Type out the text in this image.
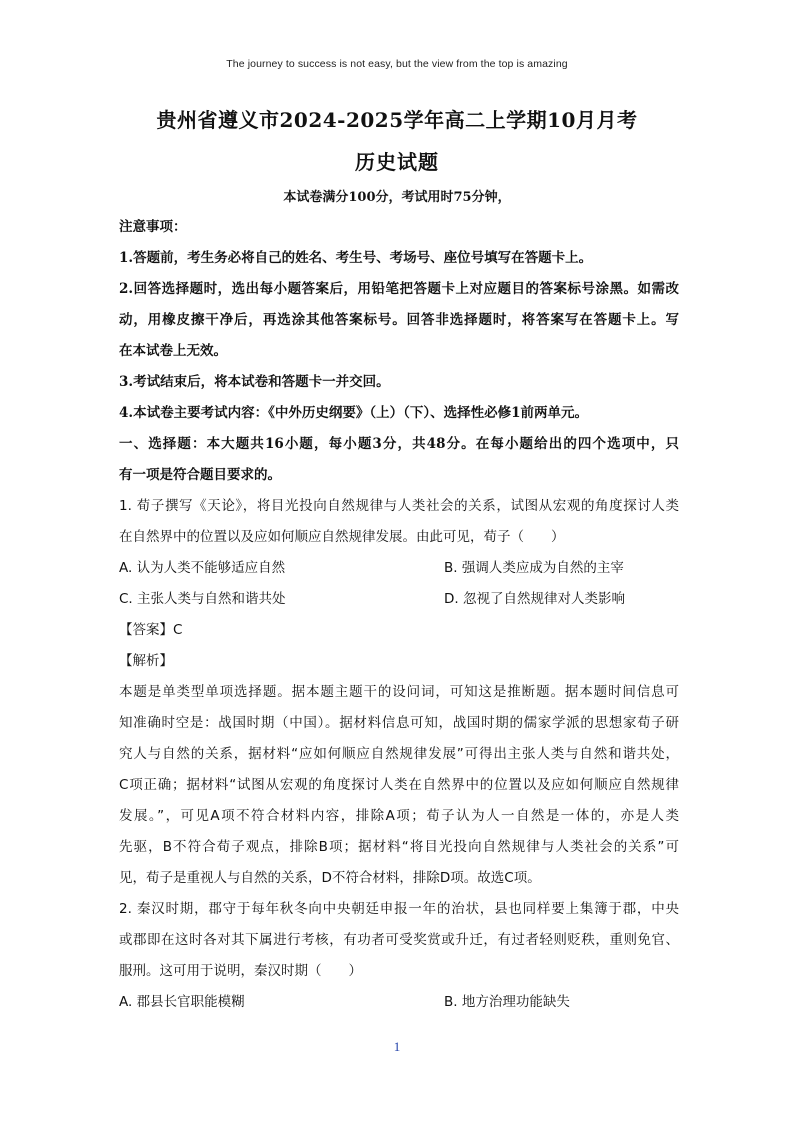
The journey to success is not easy, but the view from the top is amazing
贵州省遵义市2024-2025学年高二上学期10月月考
历史试题
本试卷满分100分，考试用时75分钟，
注意事项：
1.答题前，考生务必将自己的姓名、考生号、考场号、座位号填写在答题卡上。
2.回答选择题时，选出每小题答案后，用铅笔把答题卡上对应题目的答案标号涂黑。如需改
动，用橡皮擦干净后，再选涂其他答案标号。回答非选择题时，将答案写在答题卡上。写
在本试卷上无效。
3.考试结束后，将本试卷和答题卡一并交回。
4.本试卷主要考试内容：《中外历史纲要》（上）（下）、选择性必修1前两单元。
一、选择题：本大题共16小题，每小题3分，共48分。在每小题给出的四个选项中，只
有一项是符合题目要求的。
1. 荀子撰写《天论》，将目光投向自然规律与人类社会的关系，试图从宏观的角度探讨人类
在自然界中的位置以及应如何顺应自然规律发展。由此可见，荀子（　　）
A. 认为人类不能够适应自然	B. 强调人类应成为自然的主宰
C. 主张人类与自然和谐共处	D. 忽视了自然规律对人类影响
【答案】C
【解析】
本题是单类型单项选择题。据本题主题干的设问词，可知这是推断题。据本题时间信息可
知准确时空是：战国时期（中国）。据材料信息可知，战国时期的儒家学派的思想家荀子研
究人与自然的关系，据材料“应如何顺应自然规律发展”可得出主张人类与自然和谐共处，
C项正确；据材料“试图从宏观的角度探讨人类在自然界中的位置以及应如何顺应自然规律
发展。”，可见A项不符合材料内容，排除A项；荀子认为人一自然是一体的，亦是人类
先驱，B不符合荀子观点，排除B项；据材料“将目光投向自然规律与人类社会的关系”可
见，荀子是重视人与自然的关系，D不符合材料，排除D项。故选C项。
2. 秦汉时期，郡守于每年秋冬向中央朝廷申报一年的治状，县也同样要上集簿于郡，中央
或郡即在这时各对其下属进行考核，有功者可受奖赏或升迁，有过者轻则贬秩，重则免官、
服刑。这可用于说明，秦汉时期（　　）
A. 郡县长官职能模糊	B. 地方治理功能缺失
1
